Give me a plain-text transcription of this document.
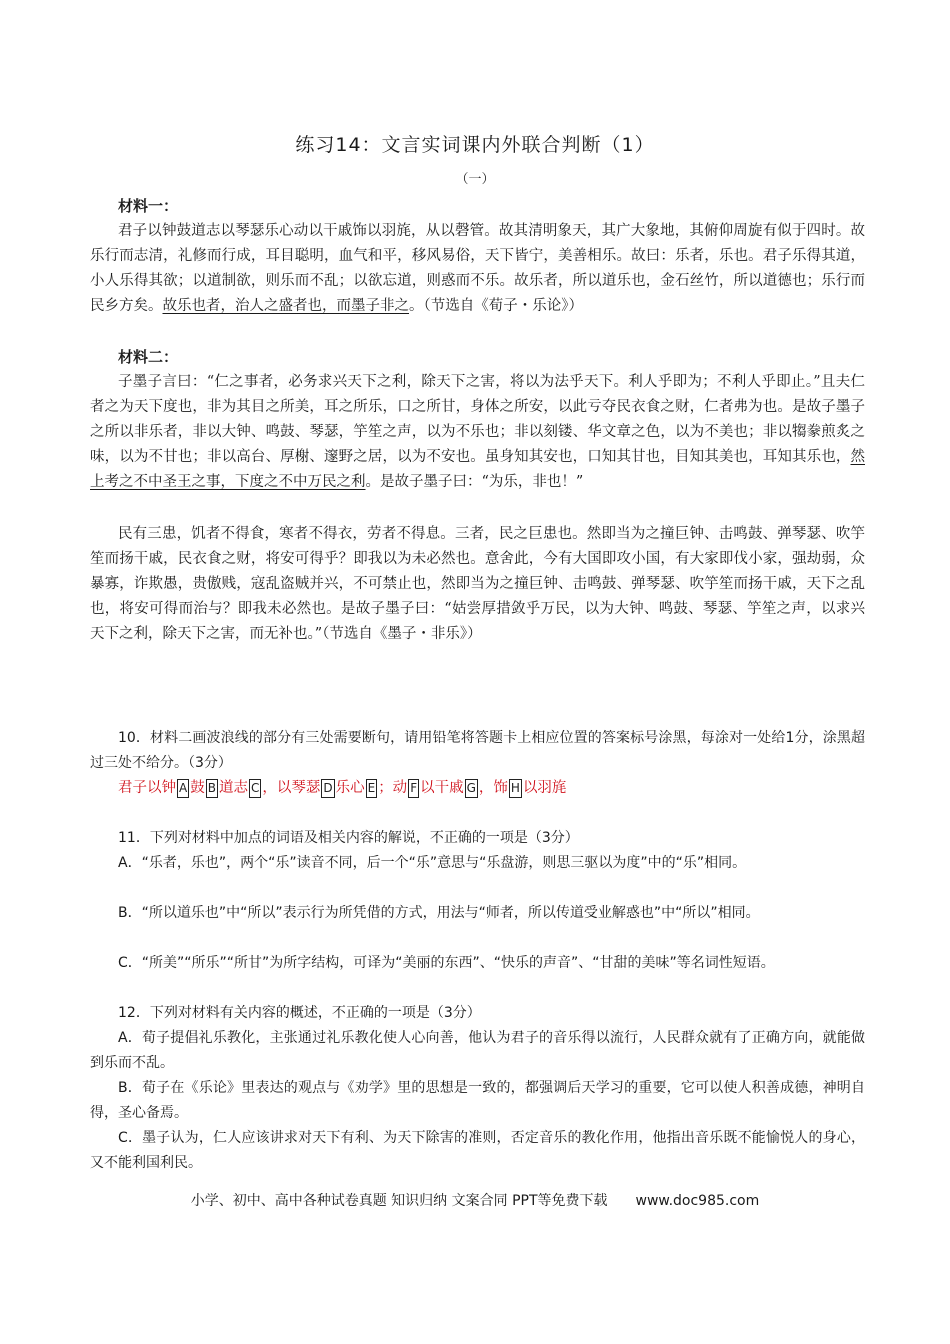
练习14：文言实词课内外联合判断（1）
（一）
材料一：

君子以钟鼓道志以琴瑟乐心动以干戚饰以羽旄，从以磬管。故其清明象天，其广大象地，其俯仰周旋有似于四时。故乐行而志清，礼修而行成，耳目聪明，血气和平，移风易俗，天下皆宁，美善相乐。故曰：乐者，乐也。君子乐得其道，小人乐得其欲；以道制欲，则乐而不乱；以欲忘道，则惑而不乐。故乐者，所以道乐也，金石丝竹，所以道德也；乐行而民乡方矣。故乐也者，治人之盛者也，而墨子非之。（节选自《荀子・乐论》）

材料二：

子墨子言曰：“仁之事者，必务求兴天下之利，除天下之害，将以为法乎天下。利人乎即为；不利人乎即止。”且夫仁者之为天下度也，非为其目之所美，耳之所乐，口之所甘，身体之所安，以此亏夺民衣食之财，仁者弗为也。是故子墨子之所以非乐者，非以大钟、鸣鼓、琴瑟，竽笙之声，以为不乐也；非以刻镂、华文章之色，以为不美也；非以犓豢煎炙之味，以为不甘也；非以高台、厚榭、邃野之居，以为不安也。虽身知其安也，口知其甘也，目知其美也，耳知其乐也，然上考之不中圣王之事，下度之不中万民之利。是故子墨子曰：“为乐，非也！”

民有三患，饥者不得食，寒者不得衣，劳者不得息。三者，民之巨患也。然即当为之撞巨钟、击鸣鼓、弹琴瑟、吹竽笙而扬干戚，民衣食之财，将安可得乎？即我以为未必然也。意舍此，今有大国即攻小国，有大家即伐小家，强劫弱，众暴寡，诈欺愚，贵傲贱，寇乱盗贼并兴，不可禁止也，然即当为之撞巨钟、击鸣鼓、弹琴瑟、吹竽笙而扬干戚，天下之乱也，将安可得而治与？即我未必然也。是故子墨子曰：“姑尝厚措敛乎万民，以为大钟、鸣鼓、琴瑟、竽笙之声，以求兴天下之利，除天下之害，而无补也。”（节选自《墨子・非乐》）

10．材料二画波浪线的部分有三处需要断句，请用铅笔将答题卡上相应位置的答案标号涂黑，每涂对一处给1分，涂黑超过三处不给分。（3分）

君子以钟 A 鼓 B 道志 C ，以琴瑟 D 乐心 E ；动 F 以干戚 G ，饰 H 以羽旄

11．下列对材料中加点的词语及相关内容的解说，不正确的一项是（3分）

A．“乐者，乐也”，两个“乐”读音不同，后一个“乐”意思与“乐盘游，则思三驱以为度”中的“乐”相同。

B．“所以道乐也”中“所以”表示行为所凭借的方式，用法与“师者，所以传道受业解惑也”中“所以”相同。

C．“所美”“所乐”“所甘”为所字结构，可译为“美丽的东西”、“快乐的声音”、“甘甜的美味”等名词性短语。

12．下列对材料有关内容的概述，不正确的一项是（3分）

A．荀子提倡礼乐教化，主张通过礼乐教化使人心向善，他认为君子的音乐得以流行，人民群众就有了正确方向，就能做到乐而不乱。

B．荀子在《乐论》里表达的观点与《劝学》里的思想是一致的，都强调后天学习的重要，它可以使人积善成德，神明自得，圣心备焉。

C．墨子认为，仁人应该讲求对天下有利、为天下除害的准则，否定音乐的教化作用，他指出音乐既不能愉悦人的身心，又不能利国利民。

小学、初中、高中各种试卷真题 知识归纳 文案合同 PPT等免费下载　　www.doc985.com
